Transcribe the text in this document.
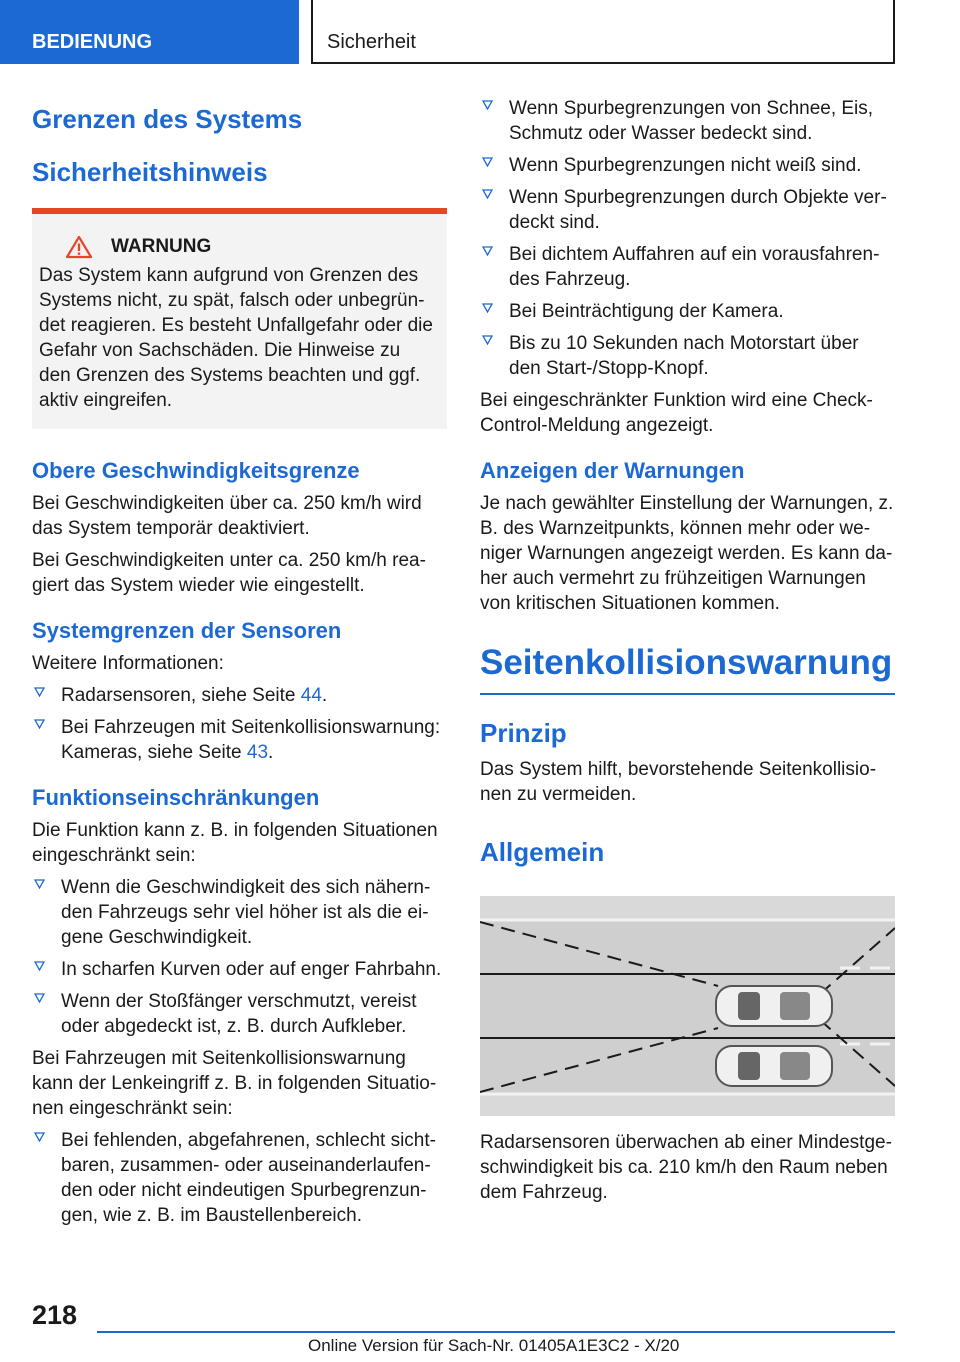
BEDIENUNG	Sicherheit
Grenzen des Systems
Sicherheitshinweis
WARNUNG

Das System kann aufgrund von Grenzen des Systems nicht, zu spät, falsch oder unbegründet reagieren. Es besteht Unfallgefahr oder die Gefahr von Sachschäden. Die Hinweise zu den Grenzen des Systems beachten und ggf. aktiv eingreifen.

Obere Geschwindigkeitsgrenze

Bei Geschwindigkeiten über ca. 250 km/h wird das System temporär deaktiviert.

Bei Geschwindigkeiten unter ca. 250 km/h reagiert das System wieder wie eingestellt.

Systemgrenzen der Sensoren

Weitere Informationen:

Radarsensoren, siehe Seite 44.
Bei Fahrzeugen mit Seitenkollisionswarnung: Kameras, siehe Seite 43.
Funktionseinschränkungen

Die Funktion kann z. B. in folgenden Situationen eingeschränkt sein:

Wenn die Geschwindigkeit des sich nähernden Fahrzeugs sehr viel höher ist als die eigene Geschwindigkeit.
In scharfen Kurven oder auf enger Fahrbahn.
Wenn der Stoßfänger verschmutzt, vereist oder abgedeckt ist, z. B. durch Aufkleber.

Bei Fahrzeugen mit Seitenkollisionswarnung kann der Lenkeingriff z. B. in folgenden Situationen eingeschränkt sein:

Bei fehlenden, abgefahrenen, schlecht sichtbaren, zusammen- oder auseinanderlaufenden oder nicht eindeutigen Spurbegrenzungen, wie z. B. im Baustellenbereich.
Wenn Spurbegrenzungen von Schnee, Eis, Schmutz oder Wasser bedeckt sind.
Wenn Spurbegrenzungen nicht weiß sind.
Wenn Spurbegrenzungen durch Objekte verdeckt sind.
Bei dichtem Auffahren auf ein vorausfahrendes Fahrzeug.
Bei Beinträchtigung der Kamera.
Bis zu 10 Sekunden nach Motorstart über den Start-/Stopp-Knopf.

Bei eingeschränkter Funktion wird eine Check-Control-Meldung angezeigt.

Anzeigen der Warnungen

Je nach gewählter Einstellung der Warnungen, z. B. des Warnzeitpunkts, können mehr oder weniger Warnungen angezeigt werden. Es kann daher auch vermehrt zu frühzeitigen Warnungen von kritischen Situationen kommen.

Seitenkollisionswarnung
Prinzip

Das System hilft, bevorstehende Seitenkollisionen zu vermeiden.

Allgemein

Radarsensoren überwachen ab einer Mindestgeschwindigkeit bis ca. 210 km/h den Raum neben dem Fahrzeug.

218
Online Version für Sach-Nr. 01405A1E3C2 - X/20
